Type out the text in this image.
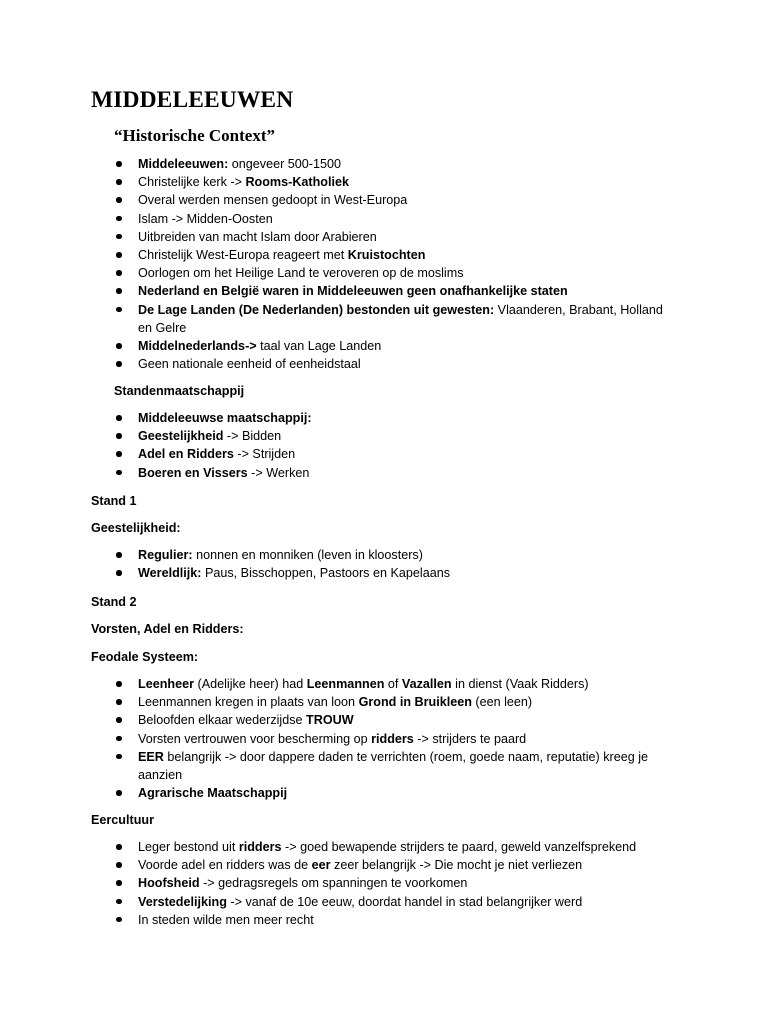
MIDDELEEUWEN
“Historische Context”
Middeleeuwen: ongeveer 500-1500
Christelijke kerk -> Rooms-Katholiek
Overal werden mensen gedoopt in West-Europa
Islam -> Midden-Oosten
Uitbreiden van macht Islam door Arabieren
Christelijk West-Europa reageert met Kruistochten
Oorlogen om het Heilige Land te veroveren op de moslims
Nederland en België waren in Middeleeuwen geen onafhankelijke staten
De Lage Landen (De Nederlanden) bestonden uit gewesten: Vlaanderen, Brabant, Holland en Gelre
Middelnederlands-> taal van Lage Landen
Geen nationale eenheid of eenheidstaal

Standenmaatschappij

Middeleeuwse maatschappij:
Geestelijkheid -> Bidden
Adel en Ridders -> Strijden
Boeren en Vissers -> Werken

Stand 1

Geestelijkheid:

Regulier: nonnen en monniken (leven in kloosters)
Wereldlijk: Paus, Bisschoppen, Pastoors en Kapelaans

Stand 2

Vorsten, Adel en Ridders:

Feodale Systeem:

Leenheer (Adelijke heer) had Leenmannen of Vazallen in dienst (Vaak Ridders)
Leenmannen kregen in plaats van loon Grond in Bruikleen (een leen)
Beloofden elkaar wederzijdse TROUW
Vorsten vertrouwen voor bescherming op ridders -> strijders te paard
EER belangrijk -> door dappere daden te verrichten (roem, goede naam, reputatie) kreeg je aanzien
Agrarische Maatschappij

Eercultuur

Leger bestond uit ridders -> goed bewapende strijders te paard, geweld vanzelfsprekend
Voorde adel en ridders was de eer zeer belangrijk -> Die mocht je niet verliezen
Hoofsheid -> gedragsregels om spanningen te voorkomen
Verstedelijking -> vanaf de 10e eeuw, doordat handel in stad belangrijker werd
In steden wilde men meer recht
